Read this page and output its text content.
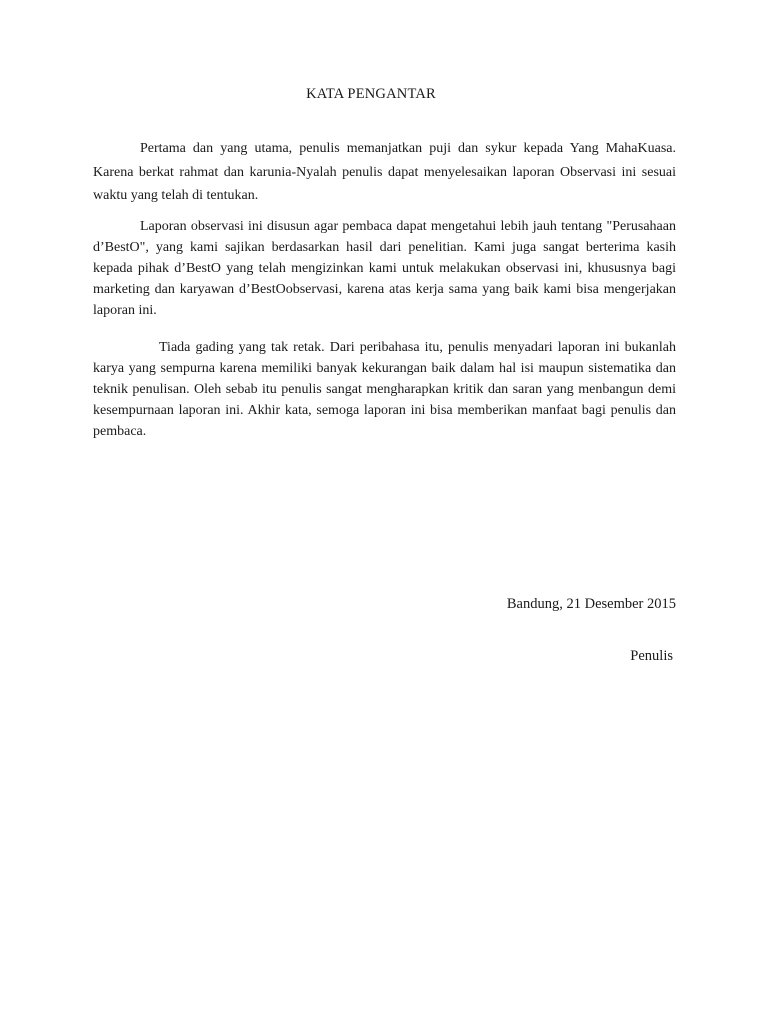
KATA PENGANTAR

Pertama dan yang utama, penulis memanjatkan puji dan sykur kepada Yang MahaKuasa. Karena berkat rahmat dan karunia-Nyalah penulis dapat menyelesaikan laporan Observasi ini sesuai waktu yang telah di tentukan.

Laporan observasi ini disusun agar pembaca dapat mengetahui lebih jauh tentang "Perusahaan d’BestO", yang kami sajikan berdasarkan hasil dari penelitian. Kami juga sangat berterima kasih kepada pihak d’BestO yang telah mengizinkan kami untuk melakukan observasi ini, khususnya bagi marketing dan karyawan d’BestOobservasi, karena atas kerja sama yang baik kami bisa mengerjakan laporan ini.

Tiada gading yang tak retak. Dari peribahasa itu, penulis menyadari laporan ini bukanlah karya yang sempurna karena memiliki banyak kekurangan baik dalam hal isi maupun sistematika dan teknik penulisan. Oleh sebab itu penulis sangat mengharapkan kritik dan saran yang menbangun demi kesempurnaan laporan ini. Akhir kata, semoga laporan ini bisa memberikan manfaat bagi penulis dan pembaca.

Bandung, 21 Desember 2015

Penulis
